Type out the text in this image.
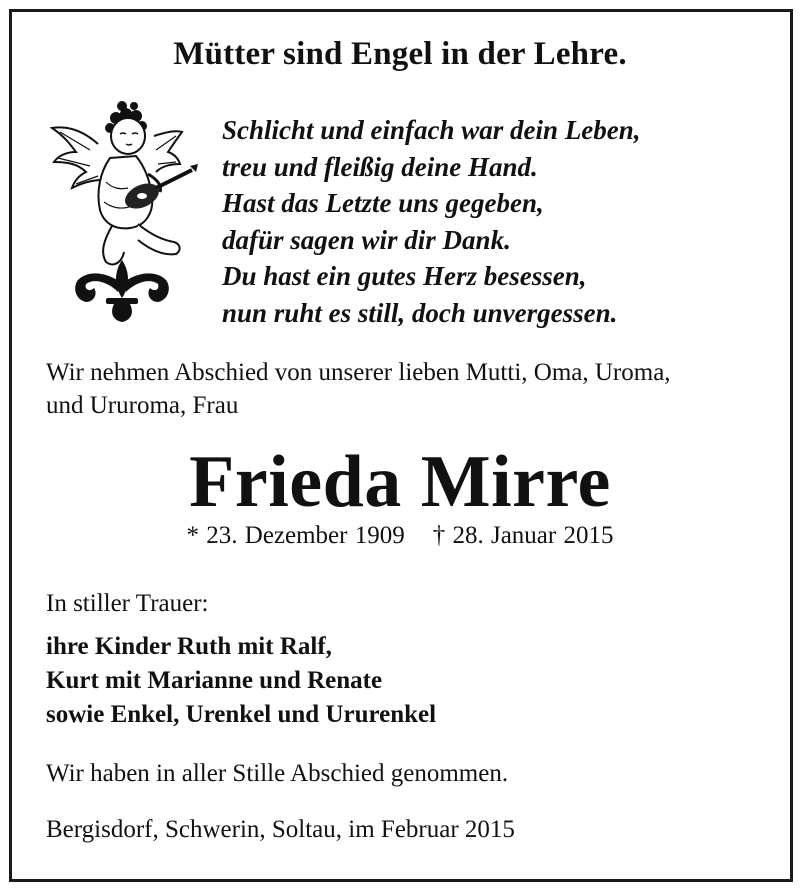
Mütter sind Engel in der Lehre.
Schlicht und einfach war dein Leben,
treu und fleißig deine Hand.
Hast das Letzte uns gegeben,
dafür sagen wir dir Dank.
Du hast ein gutes Herz besessen,
nun ruht es still, doch unvergessen.
Wir nehmen Abschied von unserer lieben Mutti, Oma, Uroma,
und Ururoma, Frau
Frieda Mirre
* 23. Dezember 1909 † 28. Januar 2015
In stiller Trauer:
ihre Kinder Ruth mit Ralf,
Kurt mit Marianne und Renate
sowie Enkel, Urenkel und Ururenkel
Wir haben in aller Stille Abschied genommen.
Bergisdorf, Schwerin, Soltau, im Februar 2015
